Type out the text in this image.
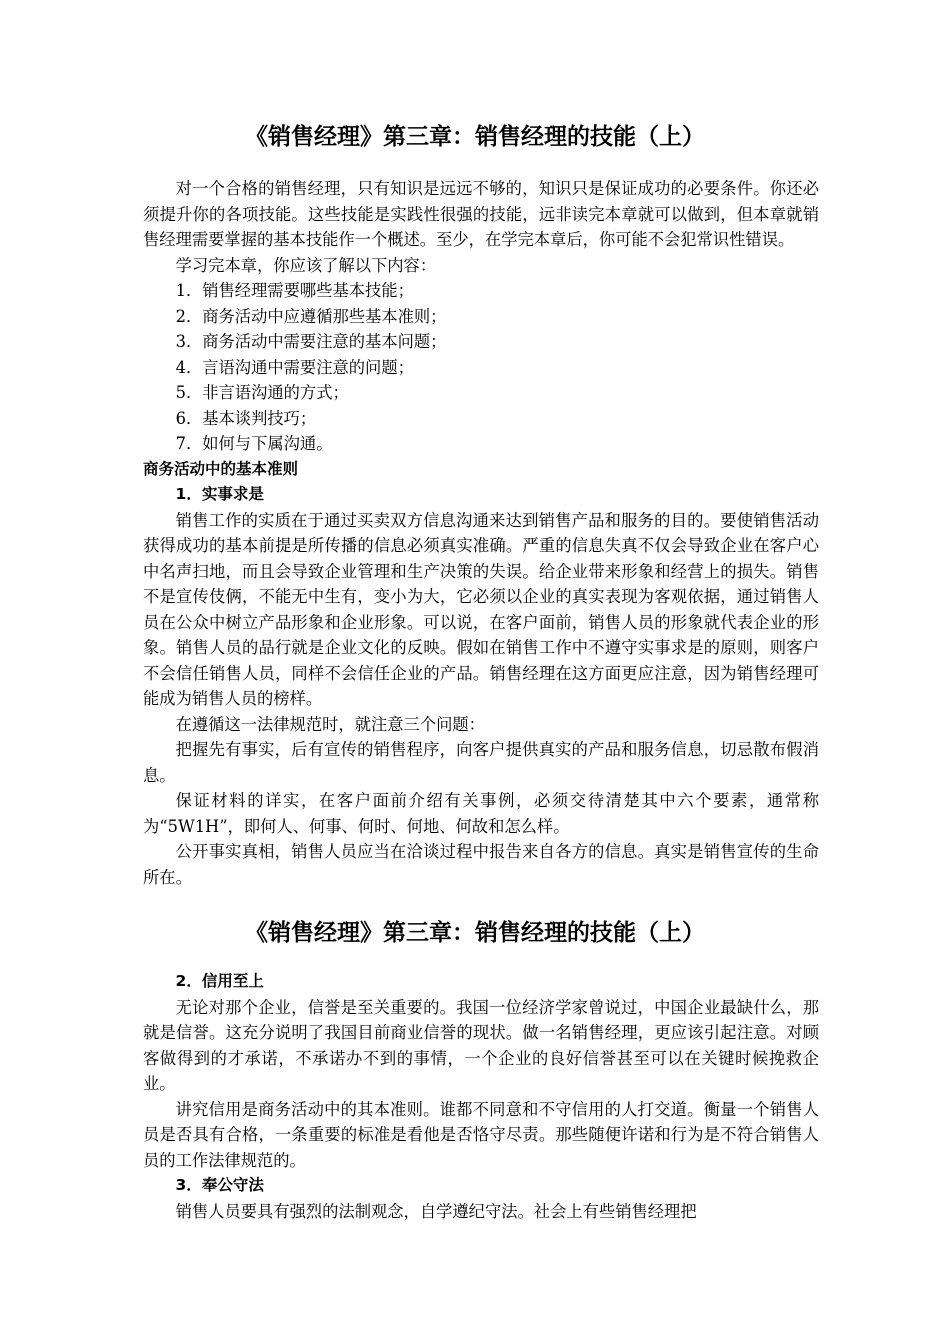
《销售经理》第三章：销售经理的技能（上）

对一个合格的销售经理，只有知识是远远不够的，知识只是保证成功的必要条件。你还必须提升你的各项技能。这些技能是实践性很强的技能，远非读完本章就可以做到，但本章就销售经理需要掌握的基本技能作一个概述。至少，在学完本章后，你可能不会犯常识性错误。

学习完本章，你应该了解以下内容：

1．销售经理需要哪些基本技能；

2．商务活动中应遵循那些基本准则；

3．商务活动中需要注意的基本问题；

4．言语沟通中需要注意的问题；

5．非言语沟通的方式；

6．基本谈判技巧；

7．如何与下属沟通。

商务活动中的基本准则

1．实事求是

销售工作的实质在于通过买卖双方信息沟通来达到销售产品和服务的目的。要使销售活动获得成功的基本前提是所传播的信息必须真实准确。严重的信息失真不仅会导致企业在客户心中名声扫地，而且会导致企业管理和生产决策的失误。给企业带来形象和经营上的损失。销售不是宣传伎俩，不能无中生有，变小为大，它必须以企业的真实表现为客观依据，通过销售人员在公众中树立产品形象和企业形象。可以说，在客户面前，销售人员的形象就代表企业的形象。销售人员的品行就是企业文化的反映。假如在销售工作中不遵守实事求是的原则，则客户不会信任销售人员，同样不会信任企业的产品。销售经理在这方面更应注意，因为销售经理可能成为销售人员的榜样。

在遵循这一法律规范时，就注意三个问题：

把握先有事实，后有宣传的销售程序，向客户提供真实的产品和服务信息，切忌散布假消息。

保证材料的详实，在客户面前介绍有关事例，必须交待清楚其中六个要素，通常称为“5W1H”，即何人、何事、何时、何地、何故和怎么样。

公开事实真相，销售人员应当在洽谈过程中报告来自各方的信息。真实是销售宣传的生命所在。

《销售经理》第三章：销售经理的技能（上）

2．信用至上

无论对那个企业，信誉是至关重要的。我国一位经济学家曾说过，中国企业最缺什么，那就是信誉。这充分说明了我国目前商业信誉的现状。做一名销售经理，更应该引起注意。对顾客做得到的才承诺，不承诺办不到的事情，一个企业的良好信誉甚至可以在关键时候挽救企业。

讲究信用是商务活动中的其本准则。谁都不同意和不守信用的人打交道。衡量一个销售人员是否具有合格，一条重要的标准是看他是否恪守尽责。那些随便许诺和行为是不符合销售人员的工作法律规范的。

3．奉公守法

销售人员要具有强烈的法制观念，自学遵纪守法。社会上有些销售经理把
